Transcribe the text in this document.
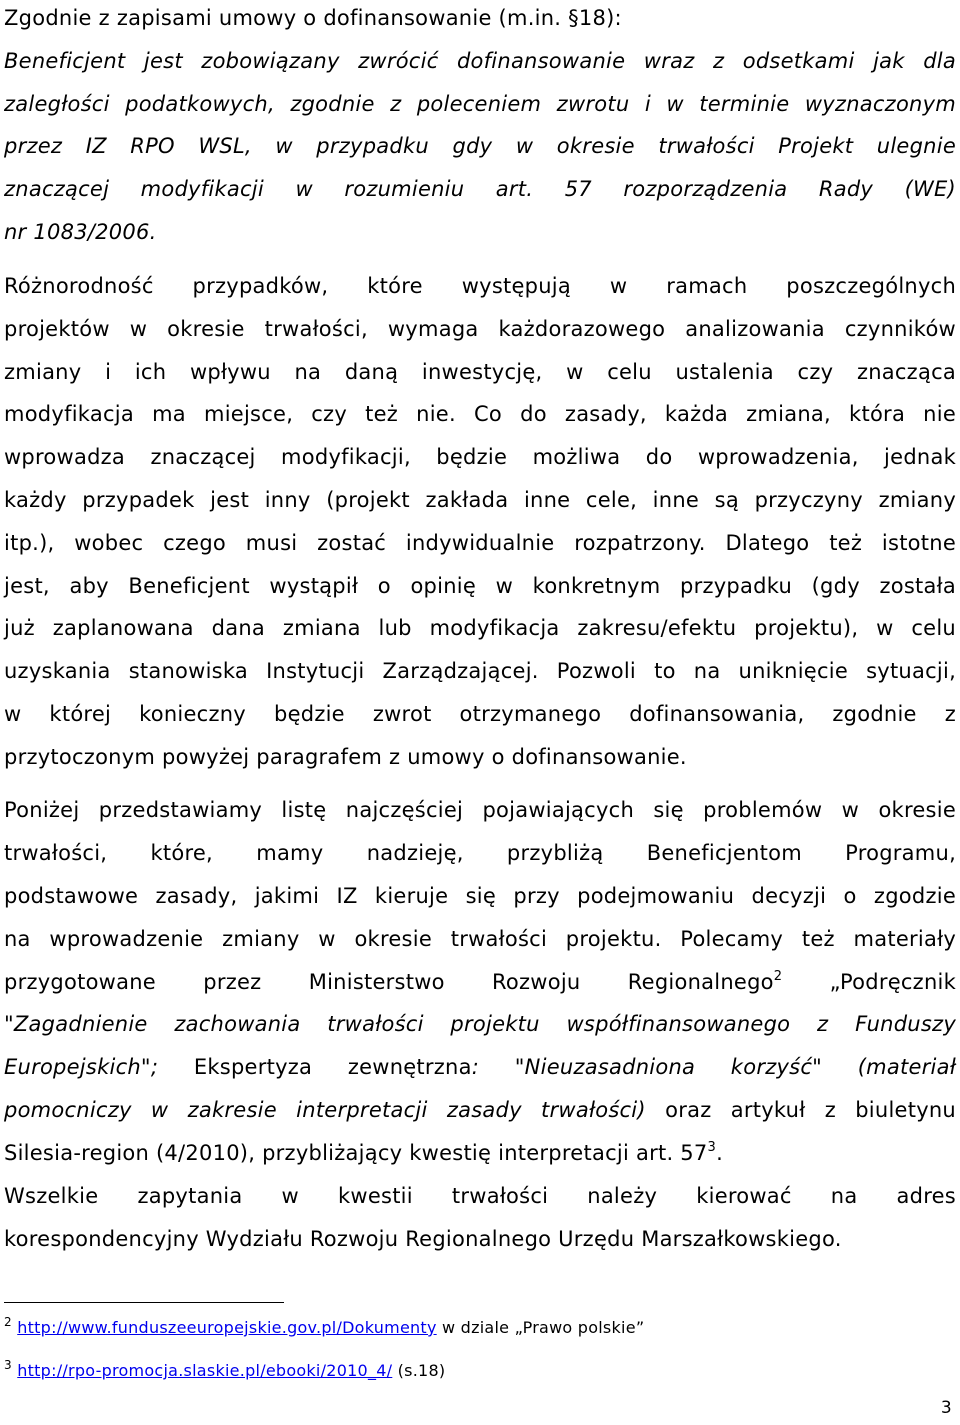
Zgodnie z zapisami umowy o dofinansowanie (m.in. §18):
Beneficjent jest zobowiązany zwrócić dofinansowanie wraz z odsetkami jak dla
zaległości podatkowych, zgodnie z poleceniem zwrotu i w terminie wyznaczonym
przez IZ RPO WSL, w przypadku gdy w okresie trwałości Projekt ulegnie
znaczącej modyfikacji w rozumieniu art. 57 rozporządzenia Rady (WE)
nr 1083/2006.
Różnorodność przypadków, które występują w ramach poszczególnych
projektów w okresie trwałości, wymaga każdorazowego analizowania czynników
zmiany i ich wpływu na daną inwestycję, w celu ustalenia czy znacząca
modyfikacja ma miejsce, czy też nie. Co do zasady, każda zmiana, która nie
wprowadza znaczącej modyfikacji, będzie możliwa do wprowadzenia, jednak
każdy przypadek jest inny (projekt zakłada inne cele, inne są przyczyny zmiany
itp.), wobec czego musi zostać indywidualnie rozpatrzony. Dlatego też istotne
jest, aby Beneficjent wystąpił o opinię w konkretnym przypadku (gdy została
już zaplanowana dana zmiana lub modyfikacja zakresu/efektu projektu), w celu
uzyskania stanowiska Instytucji Zarządzającej. Pozwoli to na uniknięcie sytuacji,
w której konieczny będzie zwrot otrzymanego dofinansowania, zgodnie z
przytoczonym powyżej paragrafem z umowy o dofinansowanie.
Poniżej przedstawiamy listę najczęściej pojawiających się problemów w okresie
trwałości, które, mamy nadzieję, przybliżą Beneficjentom Programu,
podstawowe zasady, jakimi IZ kieruje się przy podejmowaniu decyzji o zgodzie
na wprowadzenie zmiany w okresie trwałości projektu. Polecamy też materiały
przygotowane przez Ministerstwo Rozwoju Regionalnego$^2$ „Podręcznik
"Zagadnienie zachowania trwałości projektu współfinansowanego z Funduszy
Europejskich"; Ekspertyza zewnętrzna: "Nieuzasadniona korzyść" (materiał
pomocniczy w zakresie interpretacji zasady trwałości) oraz artykuł z biuletynu
Silesia-region (4/2010), przybliżający kwestię interpretacji art. $57^3$.
Wszelkie zapytania w kwestii trwałości należy kierować na adres
korespondencyjny Wydziału Rozwoju Regionalnego Urzędu Marszałkowskiego.
$^2$ http://www.funduszeeuropejskie.gov.pl/Dokumenty w dziale „Prawo polskie”
$^3$ http://rpo-promocja.slaskie.pl/ebooki/2010_4/ (s.18)
3
